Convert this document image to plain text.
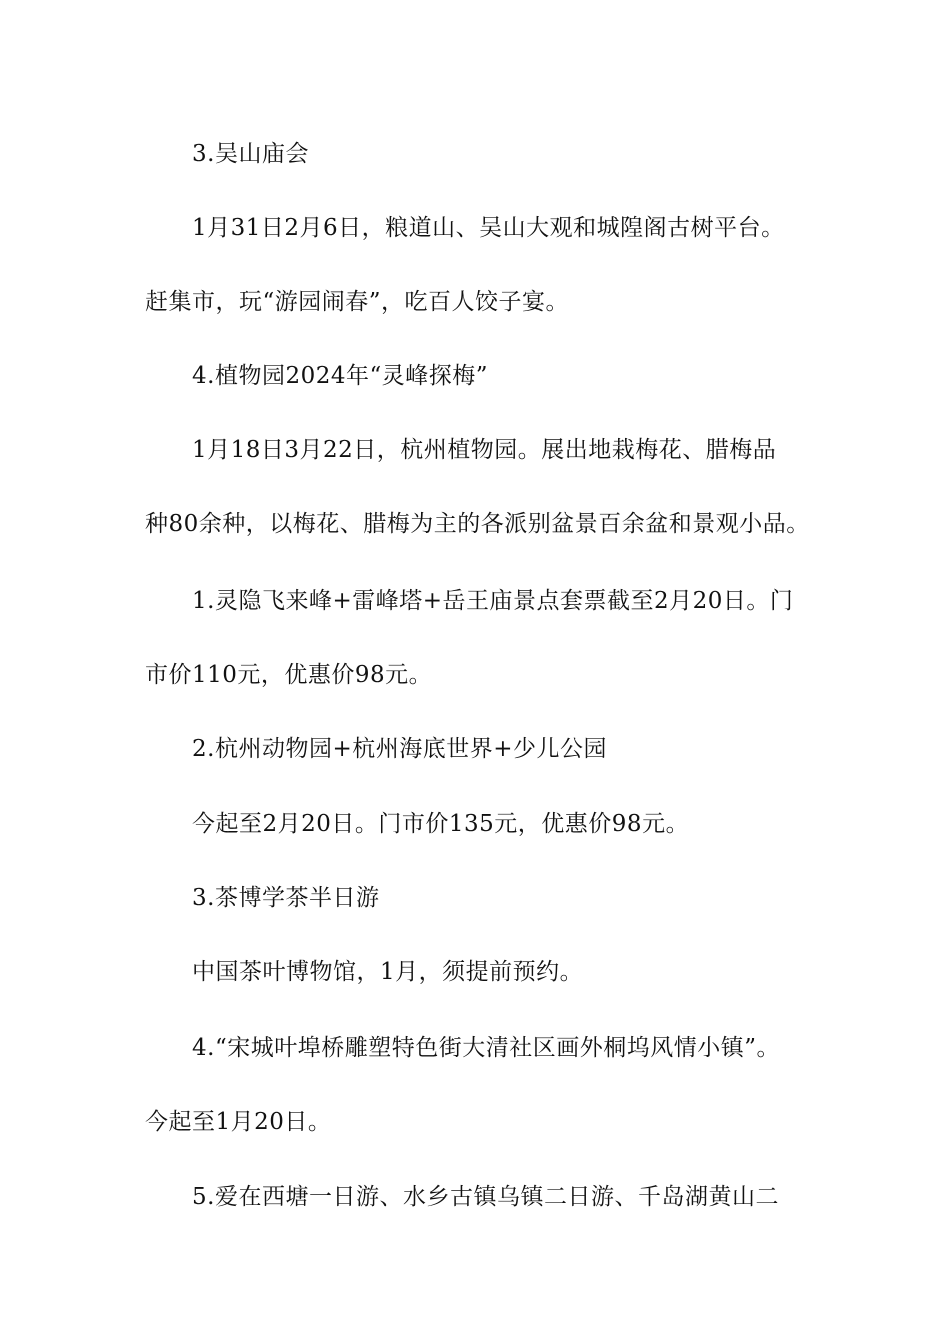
3.吴山庙会
1月31日2月6日，粮道山、吴山大观和城隍阁古树平台。
赶集市，玩“游园闹春”，吃百人饺子宴。
4.植物园2024年“灵峰探梅”
1月18日3月22日，杭州植物园。展出地栽梅花、腊梅品
种80余种，以梅花、腊梅为主的各派别盆景百余盆和景观小品。
1.灵隐飞来峰+雷峰塔+岳王庙景点套票截至2月20日。门
市价110元，优惠价98元。
2.杭州动物园+杭州海底世界+少儿公园
今起至2月20日。门市价135元，优惠价98元。
3.茶博学茶半日游
中国茶叶博物馆，1月，须提前预约。
4.“宋城叶埠桥雕塑特色街大清社区画外桐坞风情小镇”。
今起至1月20日。
5.爱在西塘一日游、水乡古镇乌镇二日游、千岛湖黄山二
